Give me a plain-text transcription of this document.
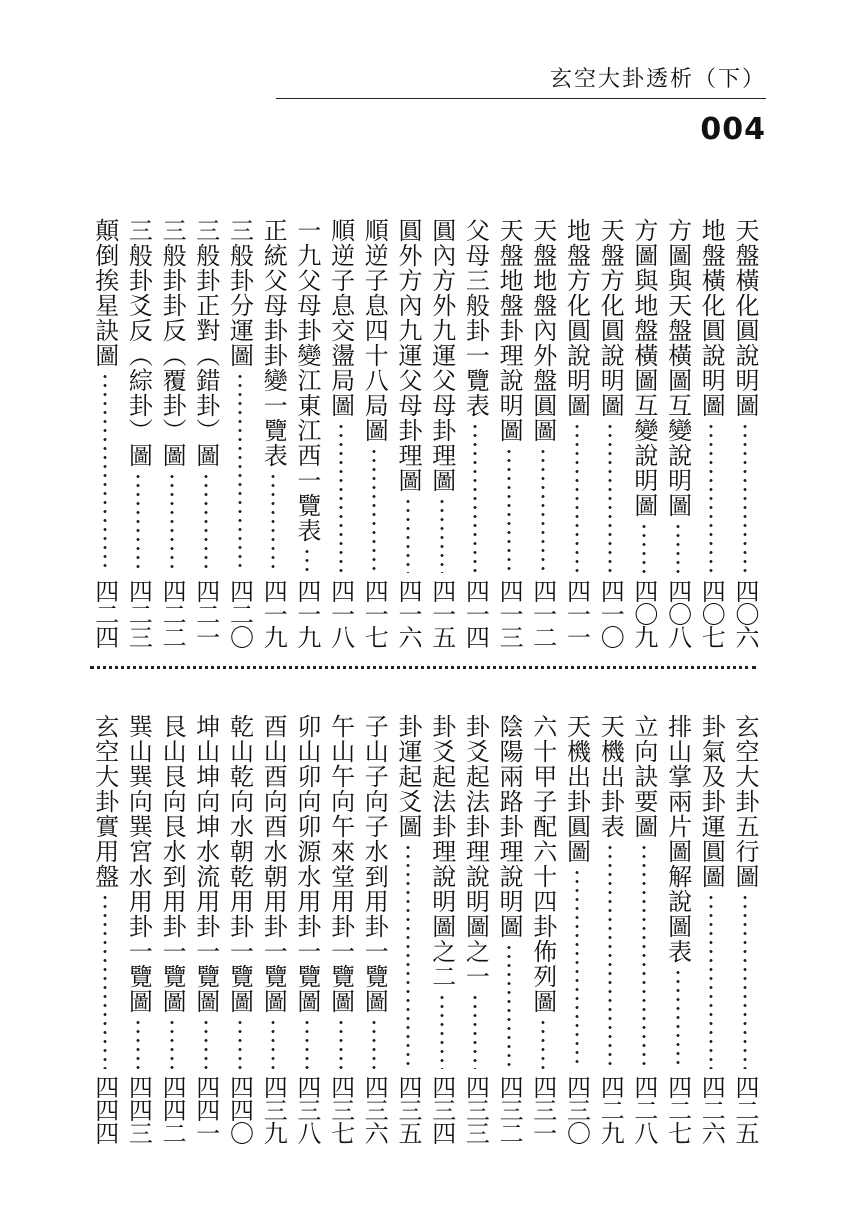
玄空大卦透析（下）
004
天盤橫化圓說明圖
四〇六
地盤橫化圓說明圖
四〇七
方圖與天盤橫圖互變說明圖
四〇八
方圖與地盤橫圖互變說明圖
四〇九
天盤方化圓說明圖
四一〇
地盤方化圓說明圖
四一一
天盤地盤內外盤圓圖
四一二
天盤地盤卦理說明圖
四一三
父母三般卦一覽表
四一四
圓內方外九運父母卦理圖
四一五
圓外方內九運父母卦理圖
四一六
順逆子息四十八局圖
四一七
順逆子息交盪局圖
四一八
一九父母卦變江東江西一覽表
四一九
正統父母卦卦變一覽表
四一九
三般卦分運圖
四二〇
三般卦正對（錯卦）圖
四二一
三般卦卦反（覆卦）圖
四二二
三般卦爻反（綜卦）圖
四二三
顛倒挨星訣圖
四二四
玄空大卦五行圖
四二五
卦氣及卦運圓圖
四二六
排山掌兩片圖解說圖表
四二七
立向訣要圖
四二八
天機出卦表
四二九
天機出卦圓圖
四三〇
六十甲子配六十四卦佈列圖
四三一
陰陽兩路卦理說明圖
四三二
卦爻起法卦理說明圖之一
四三三
卦爻起法卦理說明圖之二
四三四
卦運起爻圖
四三五
子山子向子水到用卦一覽圖
四三六
午山午向午來堂用卦一覽圖
四三七
卯山卯向卯源水用卦一覽圖
四三八
酉山酉向酉水朝用卦一覽圖
四三九
乾山乾向水朝乾用卦一覽圖
四四〇
坤山坤向坤水流用卦一覽圖
四四一
艮山艮向艮水到用卦一覽圖
四四二
巽山巽向巽宮水用卦一覽圖
四四三
玄空大卦實用盤
四四四
